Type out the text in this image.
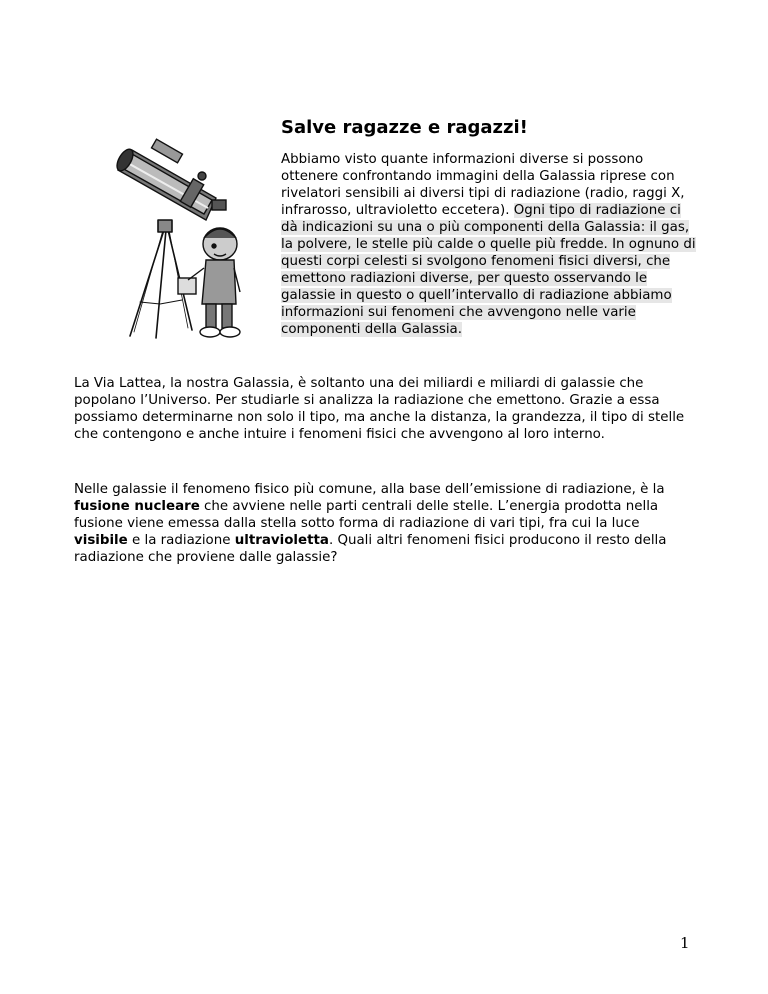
Salve ragazze e ragazzi!

Abbiamo visto quante informazioni diverse si possono ottenere confrontando immagini della Galassia riprese con rivelatori sensibili ai diversi tipi di radiazione (radio, raggi X, infrarosso, ultravioletto eccetera). Ogni tipo di radiazione ci dà indicazioni su una o più componenti della Galassia: il gas, la polvere, le stelle più calde o quelle più fredde. In ognuno di questi corpi celesti si svolgono fenomeni fisici diversi, che emettono radiazioni diverse, per questo osservando le galassie in questo o quell’intervallo di radiazione abbiamo informazioni sui fenomeni che avvengono nelle varie componenti della Galassia.

La Via Lattea, la nostra Galassia, è soltanto una dei miliardi e miliardi di galassie che popolano l’Universo. Per studiarle si analizza la radiazione che emettono. Grazie a essa possiamo determinarne non solo il tipo, ma anche la distanza, la grandezza, il tipo di stelle che contengono e anche intuire i fenomeni fisici che avvengono al loro interno.

Nelle galassie il fenomeno fisico più comune, alla base dell’emissione di radiazione, è la fusione nucleare che avviene nelle parti centrali delle stelle. L’energia prodotta nella fusione viene emessa dalla stella sotto forma di radiazione di vari tipi, fra cui la luce visibile e la radiazione ultravioletta. Quali altri fenomeni fisici producono il resto della radiazione che proviene dalle galassie?

1
